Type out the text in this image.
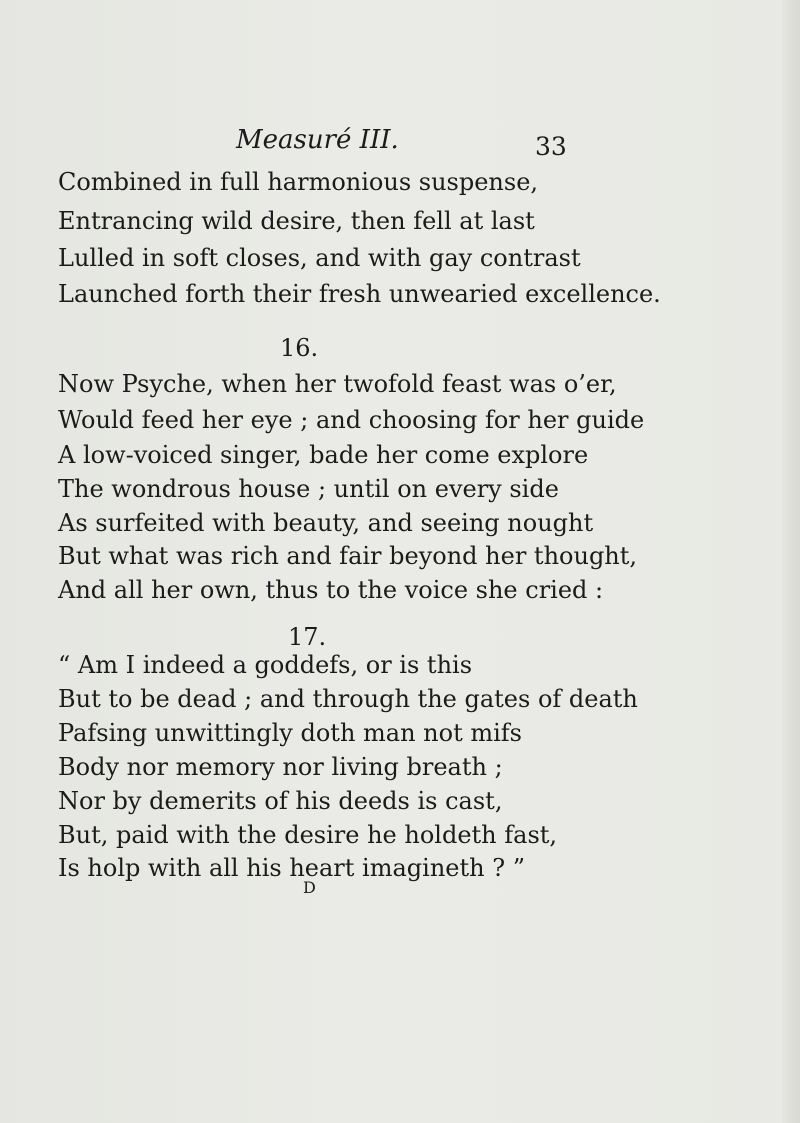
Measuré III.	33
Combined in full harmonious suspense,
Entrancing wild desire, then fell at last
Lulled in soft closes, and with gay contrast
Launched forth their fresh unwearied excellence.
16.
Now Psyche, when her twofold feast was o’er,
Would feed her eye ; and choosing for her guide
A low-voiced singer, bade her come explore
The wondrous house ; until on every side
As surfeited with beauty, and seeing nought
But what was rich and fair beyond her thought,
And all her own, thus to the voice she cried :
17.
“ Am I indeed a goddefs, or is this
But to be dead ; and through the gates of death
Pafsing unwittingly doth man not mifs
Body nor memory nor living breath ;
Nor by demerits of his deeds is cast,
But, paid with the desire he holdeth fast,
Is holp with all his heart imagineth ? ”
D
